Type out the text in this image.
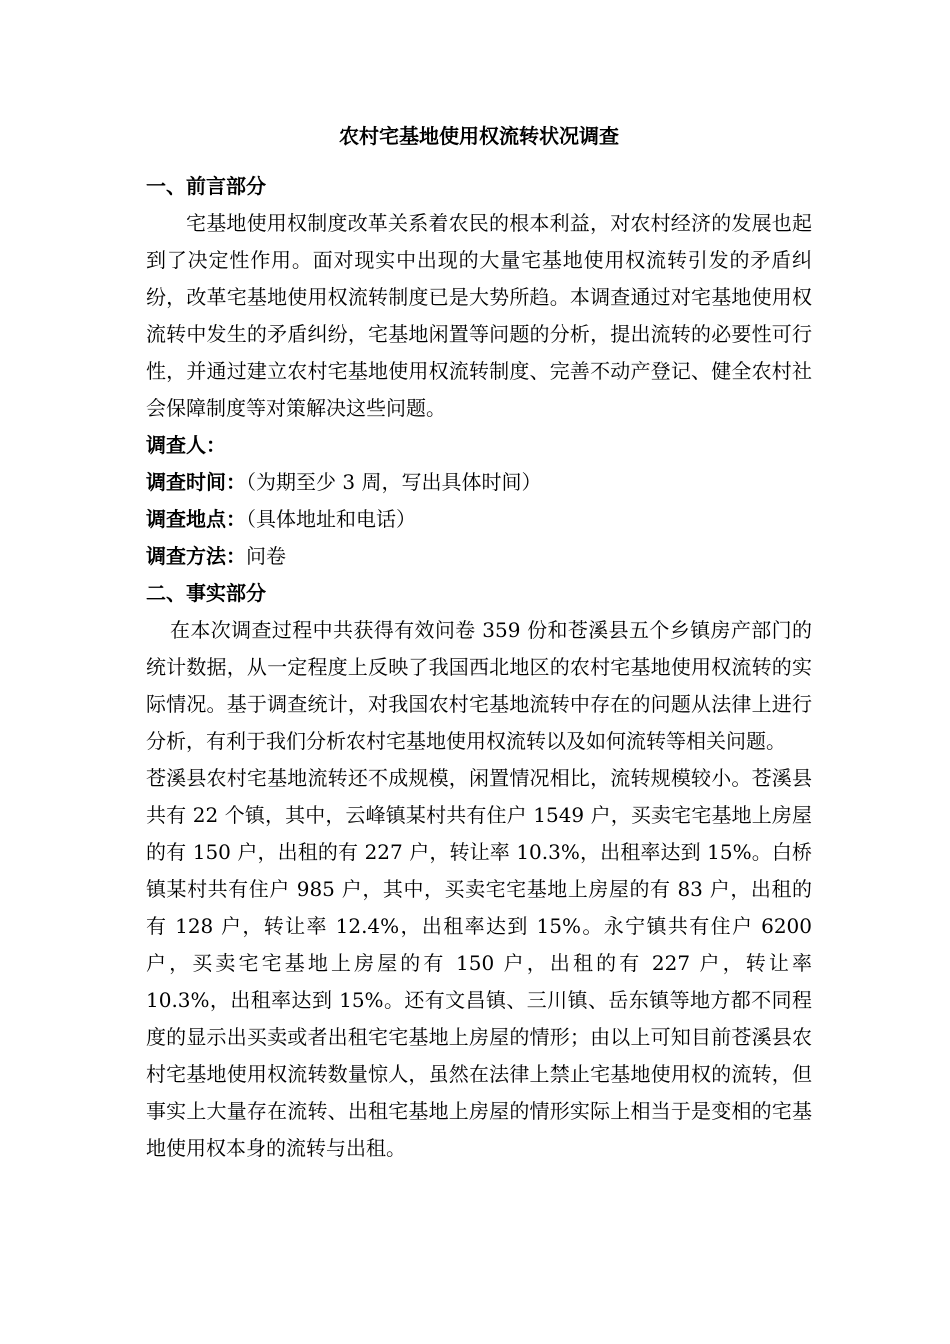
农村宅基地使用权流转状况调查

一、前言部分

宅基地使用权制度改革关系着农民的根本利益，对农村经济的发展也起到了决定性作用。面对现实中出现的大量宅基地使用权流转引发的矛盾纠纷，改革宅基地使用权流转制度已是大势所趋。本调查通过对宅基地使用权流转中发生的矛盾纠纷，宅基地闲置等问题的分析，提出流转的必要性可行性，并通过建立农村宅基地使用权流转制度、完善不动产登记、健全农村社会保障制度等对策解决这些问题。

调查人：

调查时间：（为期至少 3 周，写出具体时间）

调查地点：（具体地址和电话）

调查方法：问卷

二、事实部分

在本次调查过程中共获得有效问卷 359 份和苍溪县五个乡镇房产部门的统计数据，从一定程度上反映了我国西北地区的农村宅基地使用权流转的实际情况。基于调查统计，对我国农村宅基地流转中存在的问题从法律上进行分析，有利于我们分析农村宅基地使用权流转以及如何流转等相关问题。

苍溪县农村宅基地流转还不成规模，闲置情况相比，流转规模较小。苍溪县共有 22 个镇，其中，云峰镇某村共有住户 1549 户，买卖宅宅基地上房屋的有 150 户，出租的有 227 户，转让率 10.3%，出租率达到 15%。白桥镇某村共有住户 985 户，其中，买卖宅宅基地上房屋的有 83 户，出租的有 128 户，转让率 12.4%，出租率达到 15%。永宁镇共有住户 6200 户，买卖宅宅基地上房屋的有 150 户，出租的有 227 户，转让率 10.3%，出租率达到 15%。还有文昌镇、三川镇、岳东镇等地方都不同程度的显示出买卖或者出租宅宅基地上房屋的情形；由以上可知目前苍溪县农村宅基地使用权流转数量惊人，虽然在法律上禁止宅基地使用权的流转，但事实上大量存在流转、出租宅基地上房屋的情形实际上相当于是变相的宅基地使用权本身的流转与出租。
